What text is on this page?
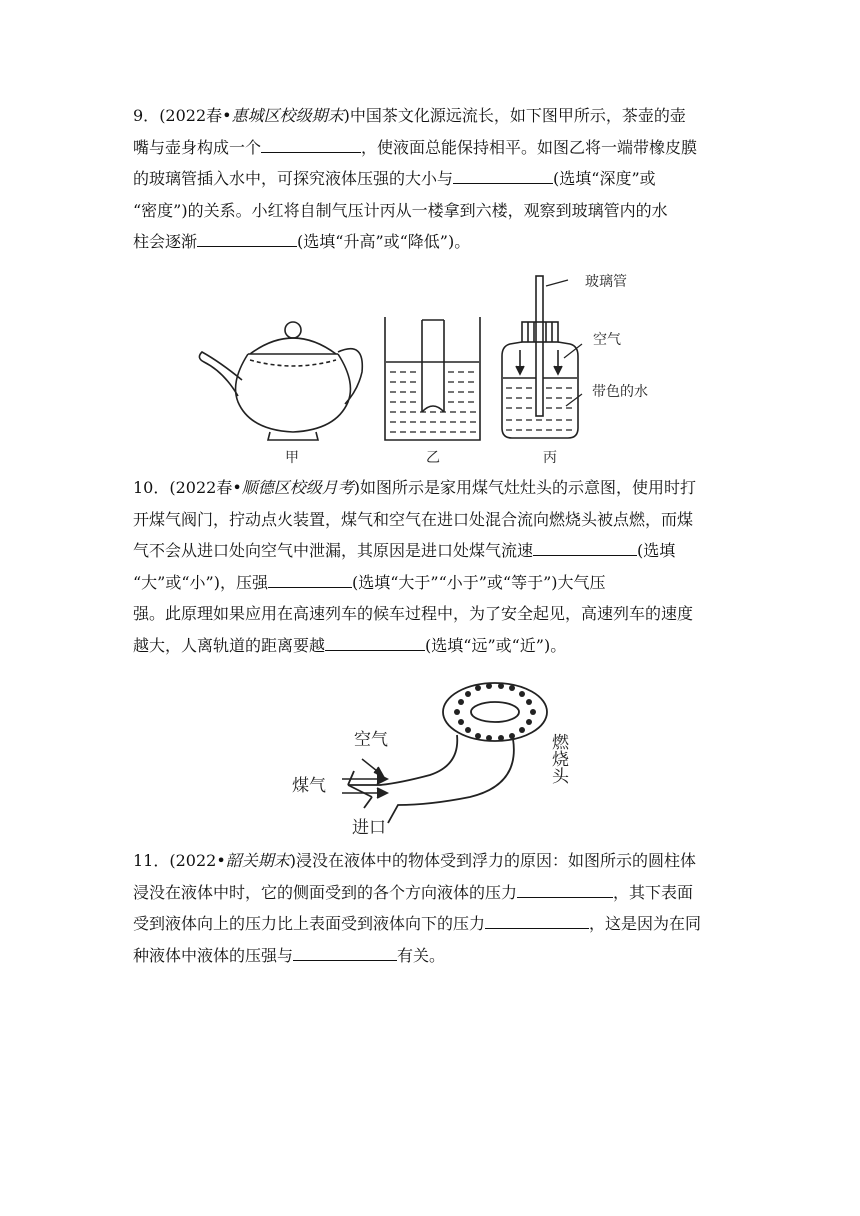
9．(2022春•惠城区校级期末)中国茶文化源远流长，如下图甲所示，茶壶的壶
嘴与壶身构成一个	，使液面总能保持相平。如图乙将一端带橡皮膜
的玻璃管插入水中，可探究液体压强的大小与	(选填“深度”或
“密度”)的关系。小红将自制气压计丙从一楼拿到六楼，观察到玻璃管内的水
柱会逐渐	(选填“升高”或“降低”)。
玻璃管
空气
带色的水
甲	乙	丙
10．(2022春•顺德区校级月考)如图所示是家用煤气灶灶头的示意图，使用时打
开煤气阀门，拧动点火装置，煤气和空气在进口处混合流向燃烧头被点燃，而煤
气不会从进口处向空气中泄漏，其原因是进口处煤气流速	(选填
“大”或“小”)，压强	(选填“大于”“小于”或“等于”)大气压
强。此原理如果应用在高速列车的候车过程中，为了安全起见，高速列车的速度
越大，人离轨道的距离要越	(选填“远”或“近”)。
空气
煤气
进口
燃烧头
11．(2022•韶关期末)浸没在液体中的物体受到浮力的原因：如图所示的圆柱体
浸没在液体中时，它的侧面受到的各个方向液体的压力	，其下表面
受到液体向上的压力比上表面受到液体向下的压力	，这是因为在同
种液体中液体的压强与	有关。
